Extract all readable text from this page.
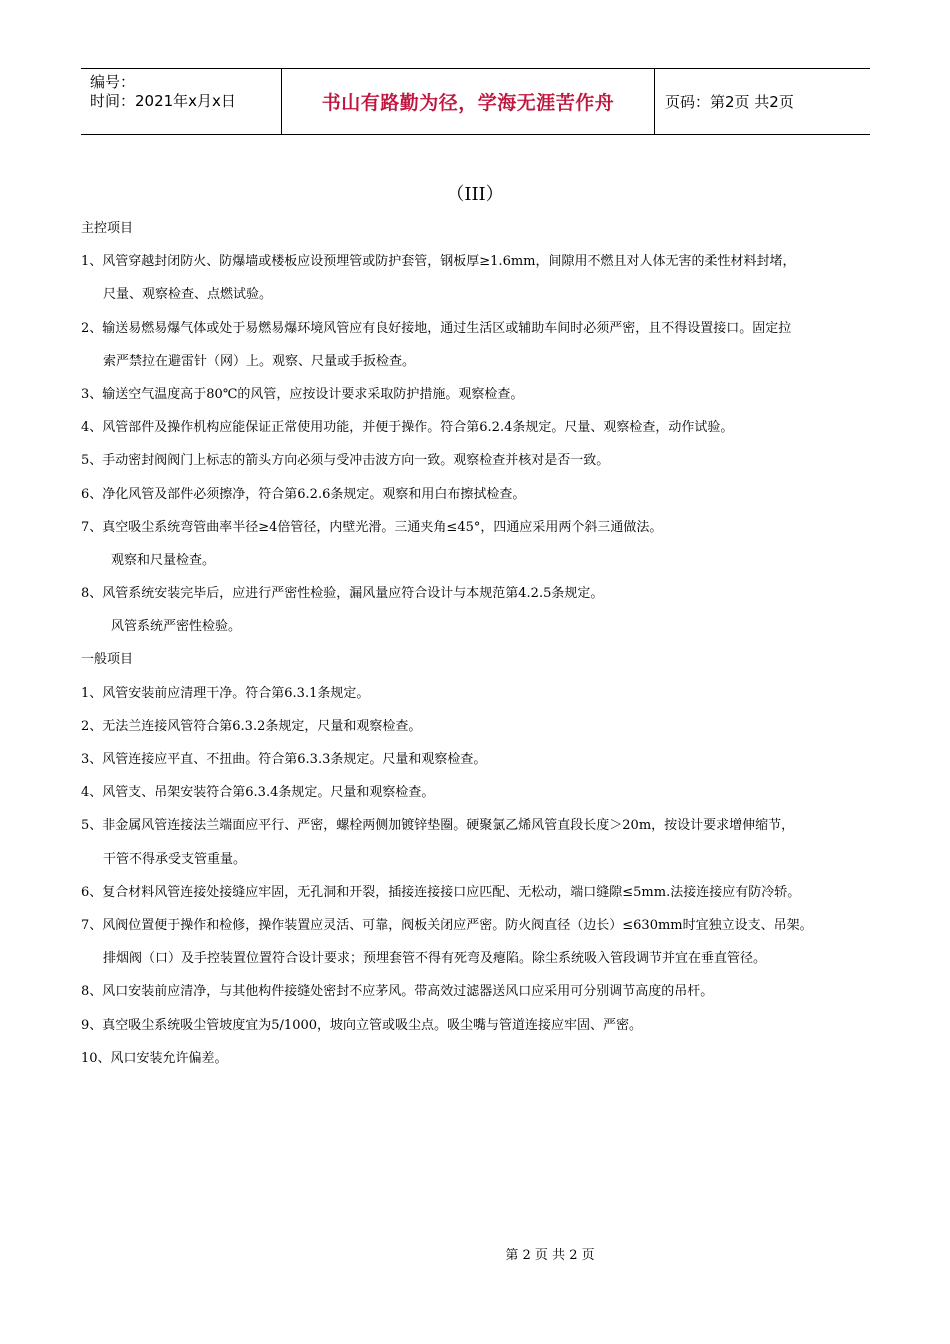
编号：
时间：2021年x月x日	书山有路勤为径，学海无涯苦作舟	页码：第2页 共2页
（III）
主控项目
1、风管穿越封闭防火、防爆墙或楼板应设预埋管或防护套管，钢板厚≥1.6mm，间隙用不燃且对人体无害的柔性材料封堵，
尺量、观察检查、点燃试验。
2、输送易燃易爆气体或处于易燃易爆环境风管应有良好接地，通过生活区或辅助车间时必须严密，且不得设置接口。固定拉
索严禁拉在避雷针（网）上。观察、尺量或手扳检查。
3、输送空气温度高于80℃的风管，应按设计要求采取防护措施。观察检查。
4、风管部件及操作机构应能保证正常使用功能，并便于操作。符合第6.2.4条规定。尺量、观察检查，动作试验。
5、手动密封阀阀门上标志的箭头方向必须与受冲击波方向一致。观察检查并核对是否一致。
6、净化风管及部件必须擦净，符合第6.2.6条规定。观察和用白布擦拭检查。
7、真空吸尘系统弯管曲率半径≥4倍管径，内壁光滑。三通夹角≤45°，四通应采用两个斜三通做法。
观察和尺量检查。
8、风管系统安装完毕后，应进行严密性检验，漏风量应符合设计与本规范第4.2.5条规定。
风管系统严密性检验。
一般项目
1、风管安装前应清理干净。符合第6.3.1条规定。
2、无法兰连接风管符合第6.3.2条规定，尺量和观察检查。
3、风管连接应平直、不扭曲。符合第6.3.3条规定。尺量和观察检查。
4、风管支、吊架安装符合第6.3.4条规定。尺量和观察检查。
5、非金属风管连接法兰端面应平行、严密，螺栓两侧加镀锌垫圈。硬聚氯乙烯风管直段长度＞20m，按设计要求增伸缩节，
干管不得承受支管重量。
6、复合材料风管连接处接缝应牢固，无孔洞和开裂，插接连接接口应匹配、无松动，端口缝隙≤5mm.法接连接应有防冷轿。
7、风阀位置便于操作和检修，操作装置应灵活、可靠，阀板关闭应严密。防火阀直径（边长）≤630mm时宜独立设支、吊架。
排烟阀（口）及手控装置位置符合设计要求；预埋套管不得有死弯及瘪陷。除尘系统吸入管段调节并宜在垂直管径。
8、风口安装前应清净，与其他构件接缝处密封不应茅风。带高效过滤器送风口应采用可分别调节高度的吊杆。
9、真空吸尘系统吸尘管坡度宜为5/1000，坡向立管或吸尘点。吸尘嘴与管道连接应牢固、严密。
10、风口安装允许偏差。
第 2 页 共 2 页
